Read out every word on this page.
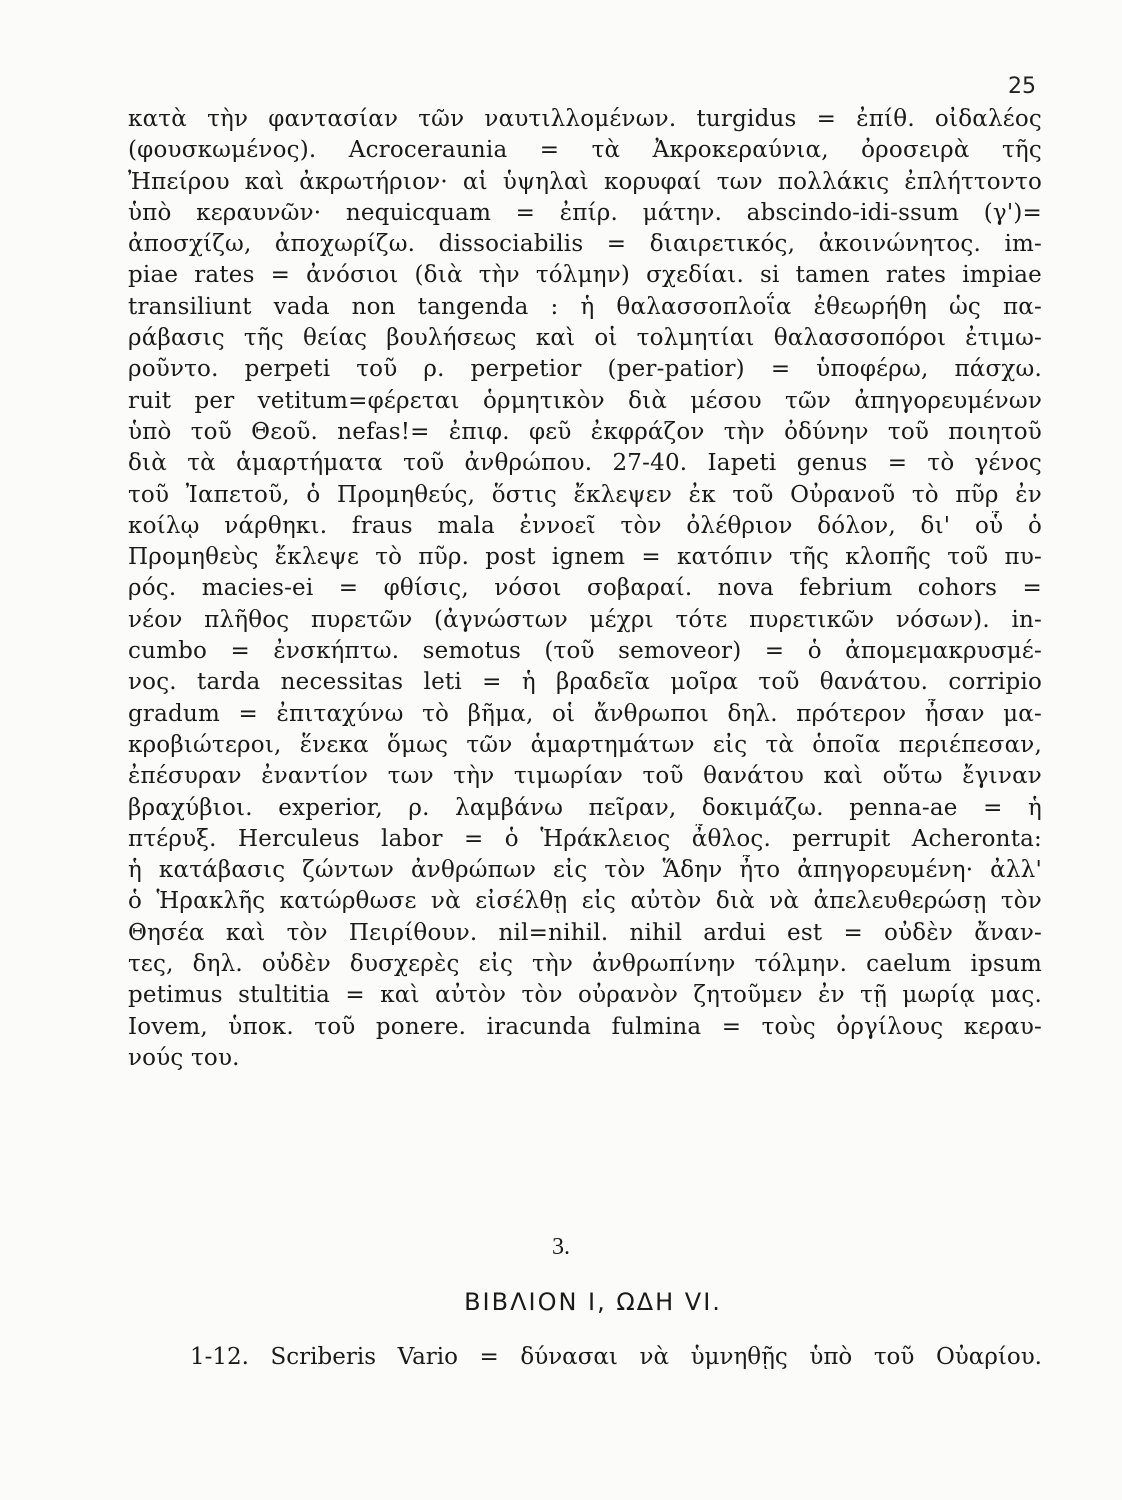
25
κατὰ τὴν φαντασίαν τῶν ναυτιλλομένων. turgidus = ἐπίθ. οἰδαλέος
(φουσκωμένος). Acroceraunia = τὰ Ἀκροκεραύνια, ὀροσειρὰ τῆς
Ἠπείρου καὶ ἀκρωτήριον· αἱ ὑψηλαὶ κορυφαί των πολλάκις ἐπλήττοντο
ὑπὸ κεραυνῶν· nequicquam = ἐπίρ. μάτην. abscindo-idi-ssum (γ')=
ἀποσχίζω, ἀποχωρίζω. dissociabilis = διαιρετικός, ἀκοινώνητος. im-
piae rates = ἀνόσιοι (διὰ τὴν τόλμην) σχεδίαι. si tamen rates impiae
transiliunt vada non tangenda : ἡ θαλασσοπλοΐα ἐθεωρήθη ὡς πα-
ράβασις τῆς θείας βουλήσεως καὶ οἱ τολμητίαι θαλασσοπόροι ἐτιμω-
ροῦντο. perpeti τοῦ ρ. perpetior (per-patior) = ὑποφέρω, πάσχω.
ruit per vetitum=φέρεται ὁρμητικὸν διὰ μέσου τῶν ἀπηγορευμένων
ὑπὸ τοῦ Θεοῦ. nefas!= ἐπιφ. φεῦ ἐκφράζον τὴν ὀδύνην τοῦ ποιητοῦ
διὰ τὰ ἁμαρτήματα τοῦ ἀνθρώπου. 27-40. Iapeti genus = τὸ γένος
τοῦ Ἰαπετοῦ, ὁ Προμηθεύς, ὅστις ἔκλεψεν ἐκ τοῦ Οὐρανοῦ τὸ πῦρ ἐν
κοίλῳ νάρθηκι. fraus mala ἐννοεῖ τὸν ὀλέθριον δόλον, δι' οὗ ὁ
Προμηθεὺς ἔκλεψε τὸ πῦρ. post ignem = κατόπιν τῆς κλοπῆς τοῦ πυ-
ρός. macies-ei = φθίσις, νόσοι σοβαραί. nova febrium cohors =
νέον πλῆθος πυρετῶν (ἀγνώστων μέχρι τότε πυρετικῶν νόσων). in-
cumbo = ἐνσκήπτω. semotus (τοῦ semoveor) = ὁ ἀπομεμακρυσμέ-
νος. tarda necessitas leti = ἡ βραδεῖα μοῖρα τοῦ θανάτου. corripio
gradum = ἐπιταχύνω τὸ βῆμα, οἱ ἄνθρωποι δηλ. πρότερον ἦσαν μα-
κροβιώτεροι, ἕνεκα ὅμως τῶν ἁμαρτημάτων εἰς τὰ ὁποῖα περιέπεσαν,
ἐπέσυραν ἐναντίον των τὴν τιμωρίαν τοῦ θανάτου καὶ οὕτω ἔγιναν
βραχύβιοι. experior, ρ. λαμβάνω πεῖραν, δοκιμάζω. penna-ae = ἡ
πτέρυξ. Herculeus labor = ὁ Ἡράκλειος ἆθλος. perrupit Acheronta:
ἡ κατάβασις ζώντων ἀνθρώπων εἰς τὸν Ἅδην ἦτο ἀπηγορευμένη· ἀλλ'
ὁ Ἡρακλῆς κατώρθωσε νὰ εἰσέλθῃ εἰς αὐτὸν διὰ νὰ ἀπελευθερώσῃ τὸν
Θησέα καὶ τὸν Πειρίθουν. nil=nihil. nihil ardui est = οὐδὲν ἄναν-
τες, δηλ. οὐδὲν δυσχερὲς εἰς τὴν ἀνθρωπίνην τόλμην. caelum ipsum
petimus stultitia = καὶ αὐτὸν τὸν οὐρανὸν ζητοῦμεν ἐν τῇ μωρίᾳ μας.
Iovem, ὑποκ. τοῦ ponere. iracunda fulmina = τοὺς ὀργίλους κεραυ-
νούς του.
3.
ΒΙΒΛΙΟΝ Ι, ΩΔΗ VI.
1-12. Scriberis Vario = δύνασαι νὰ ὑμνηθῇς ὑπὸ τοῦ Οὐαρίου.
